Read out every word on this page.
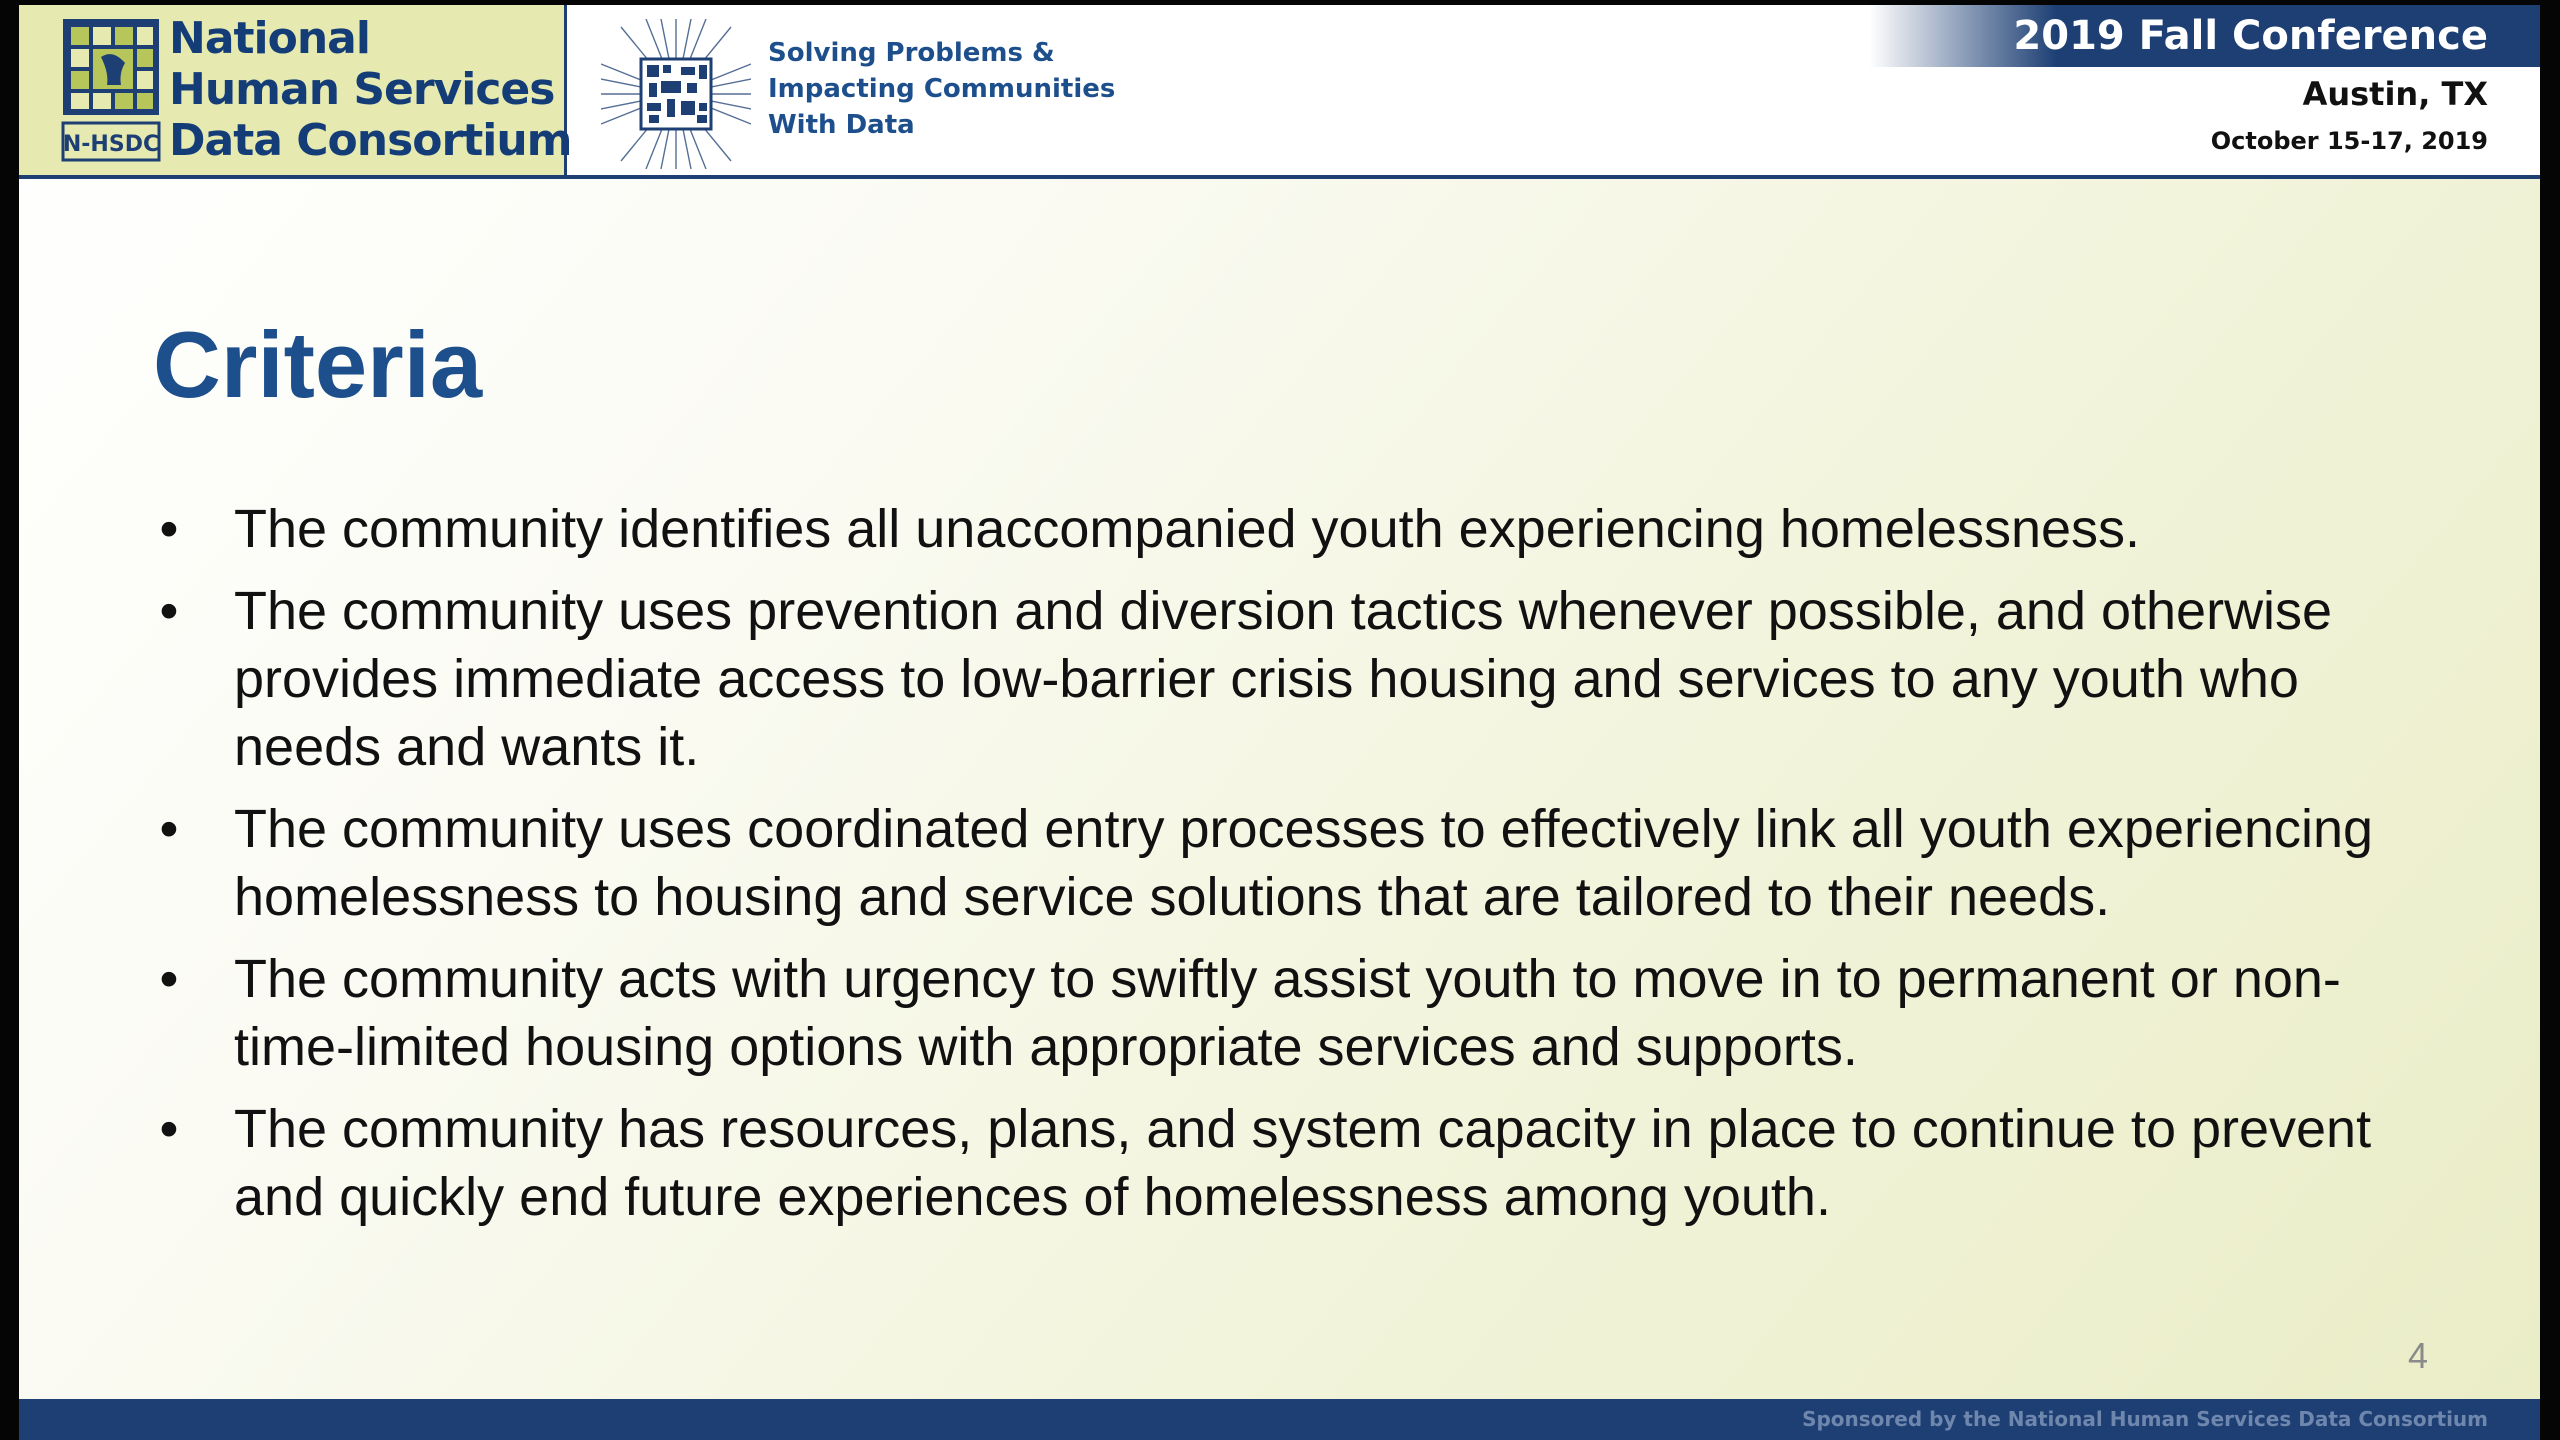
N-HSDC
National
Human Services
Data Consortium
Solving Problems &
Impacting Communities
With Data
2019 Fall Conference
Austin, TX
October 15-17, 2019
Criteria
• The community identifies all unaccompanied youth experiencing homelessness.
• The community uses prevention and diversion tactics whenever possible, and otherwise provides immediate access to low-barrier crisis housing and services to any youth who needs and wants it.
• The community uses coordinated entry processes to effectively link all youth experiencing homelessness to housing and service solutions that are tailored to their needs.
• The community acts with urgency to swiftly assist youth to move in to permanent or non-time-limited housing options with appropriate services and supports.
• The community has resources, plans, and system capacity in place to continue to prevent and quickly end future experiences of homelessness among youth.
4
Sponsored by the National Human Services Data Consortium
